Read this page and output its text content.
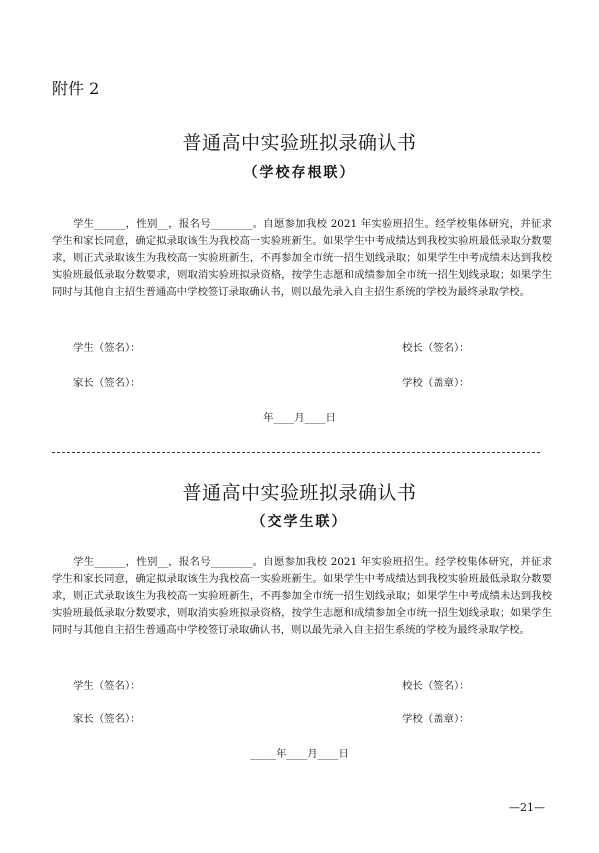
附件 2
普通高中实验班拟录确认书
（学校存根联）

学生______，性别__，报名号________。自愿参加我校 2021 年实验班招生。经学校集体研究，并征求学生和家长同意，确定拟录取该生为我校高一实验班新生。如果学生中考成绩达到我校实验班最低录取分数要求，则正式录取该生为我校高一实验班新生，不再参加全市统一招生划线录取；如果学生中考成绩未达到我校实验班最低录取分数要求，则取消实验班拟录资格，按学生志愿和成绩参加全市统一招生划线录取；如果学生同时与其他自主招生普通高中学校签订录取确认书，则以最先录入自主招生系统的学校为最终录取学校。

学生（签名）：	校长（签名）：
家长（签名）：	学校（盖章）：
年____月____日
普通高中实验班拟录确认书
（交学生联）

学生______，性别__，报名号________。自愿参加我校 2021 年实验班招生。经学校集体研究，并征求学生和家长同意，确定拟录取该生为我校高一实验班新生。如果学生中考成绩达到我校实验班最低录取分数要求，则正式录取该生为我校高一实验班新生，不再参加全市统一招生划线录取；如果学生中考成绩未达到我校实验班最低录取分数要求，则取消实验班拟录资格，按学生志愿和成绩参加全市统一招生划线录取；如果学生同时与其他自主招生普通高中学校签订录取确认书，则以最先录入自主招生系统的学校为最终录取学校。

学生（签名）：	校长（签名）：
家长（签名）：	学校（盖章）：
_____年____月____日
—21—
